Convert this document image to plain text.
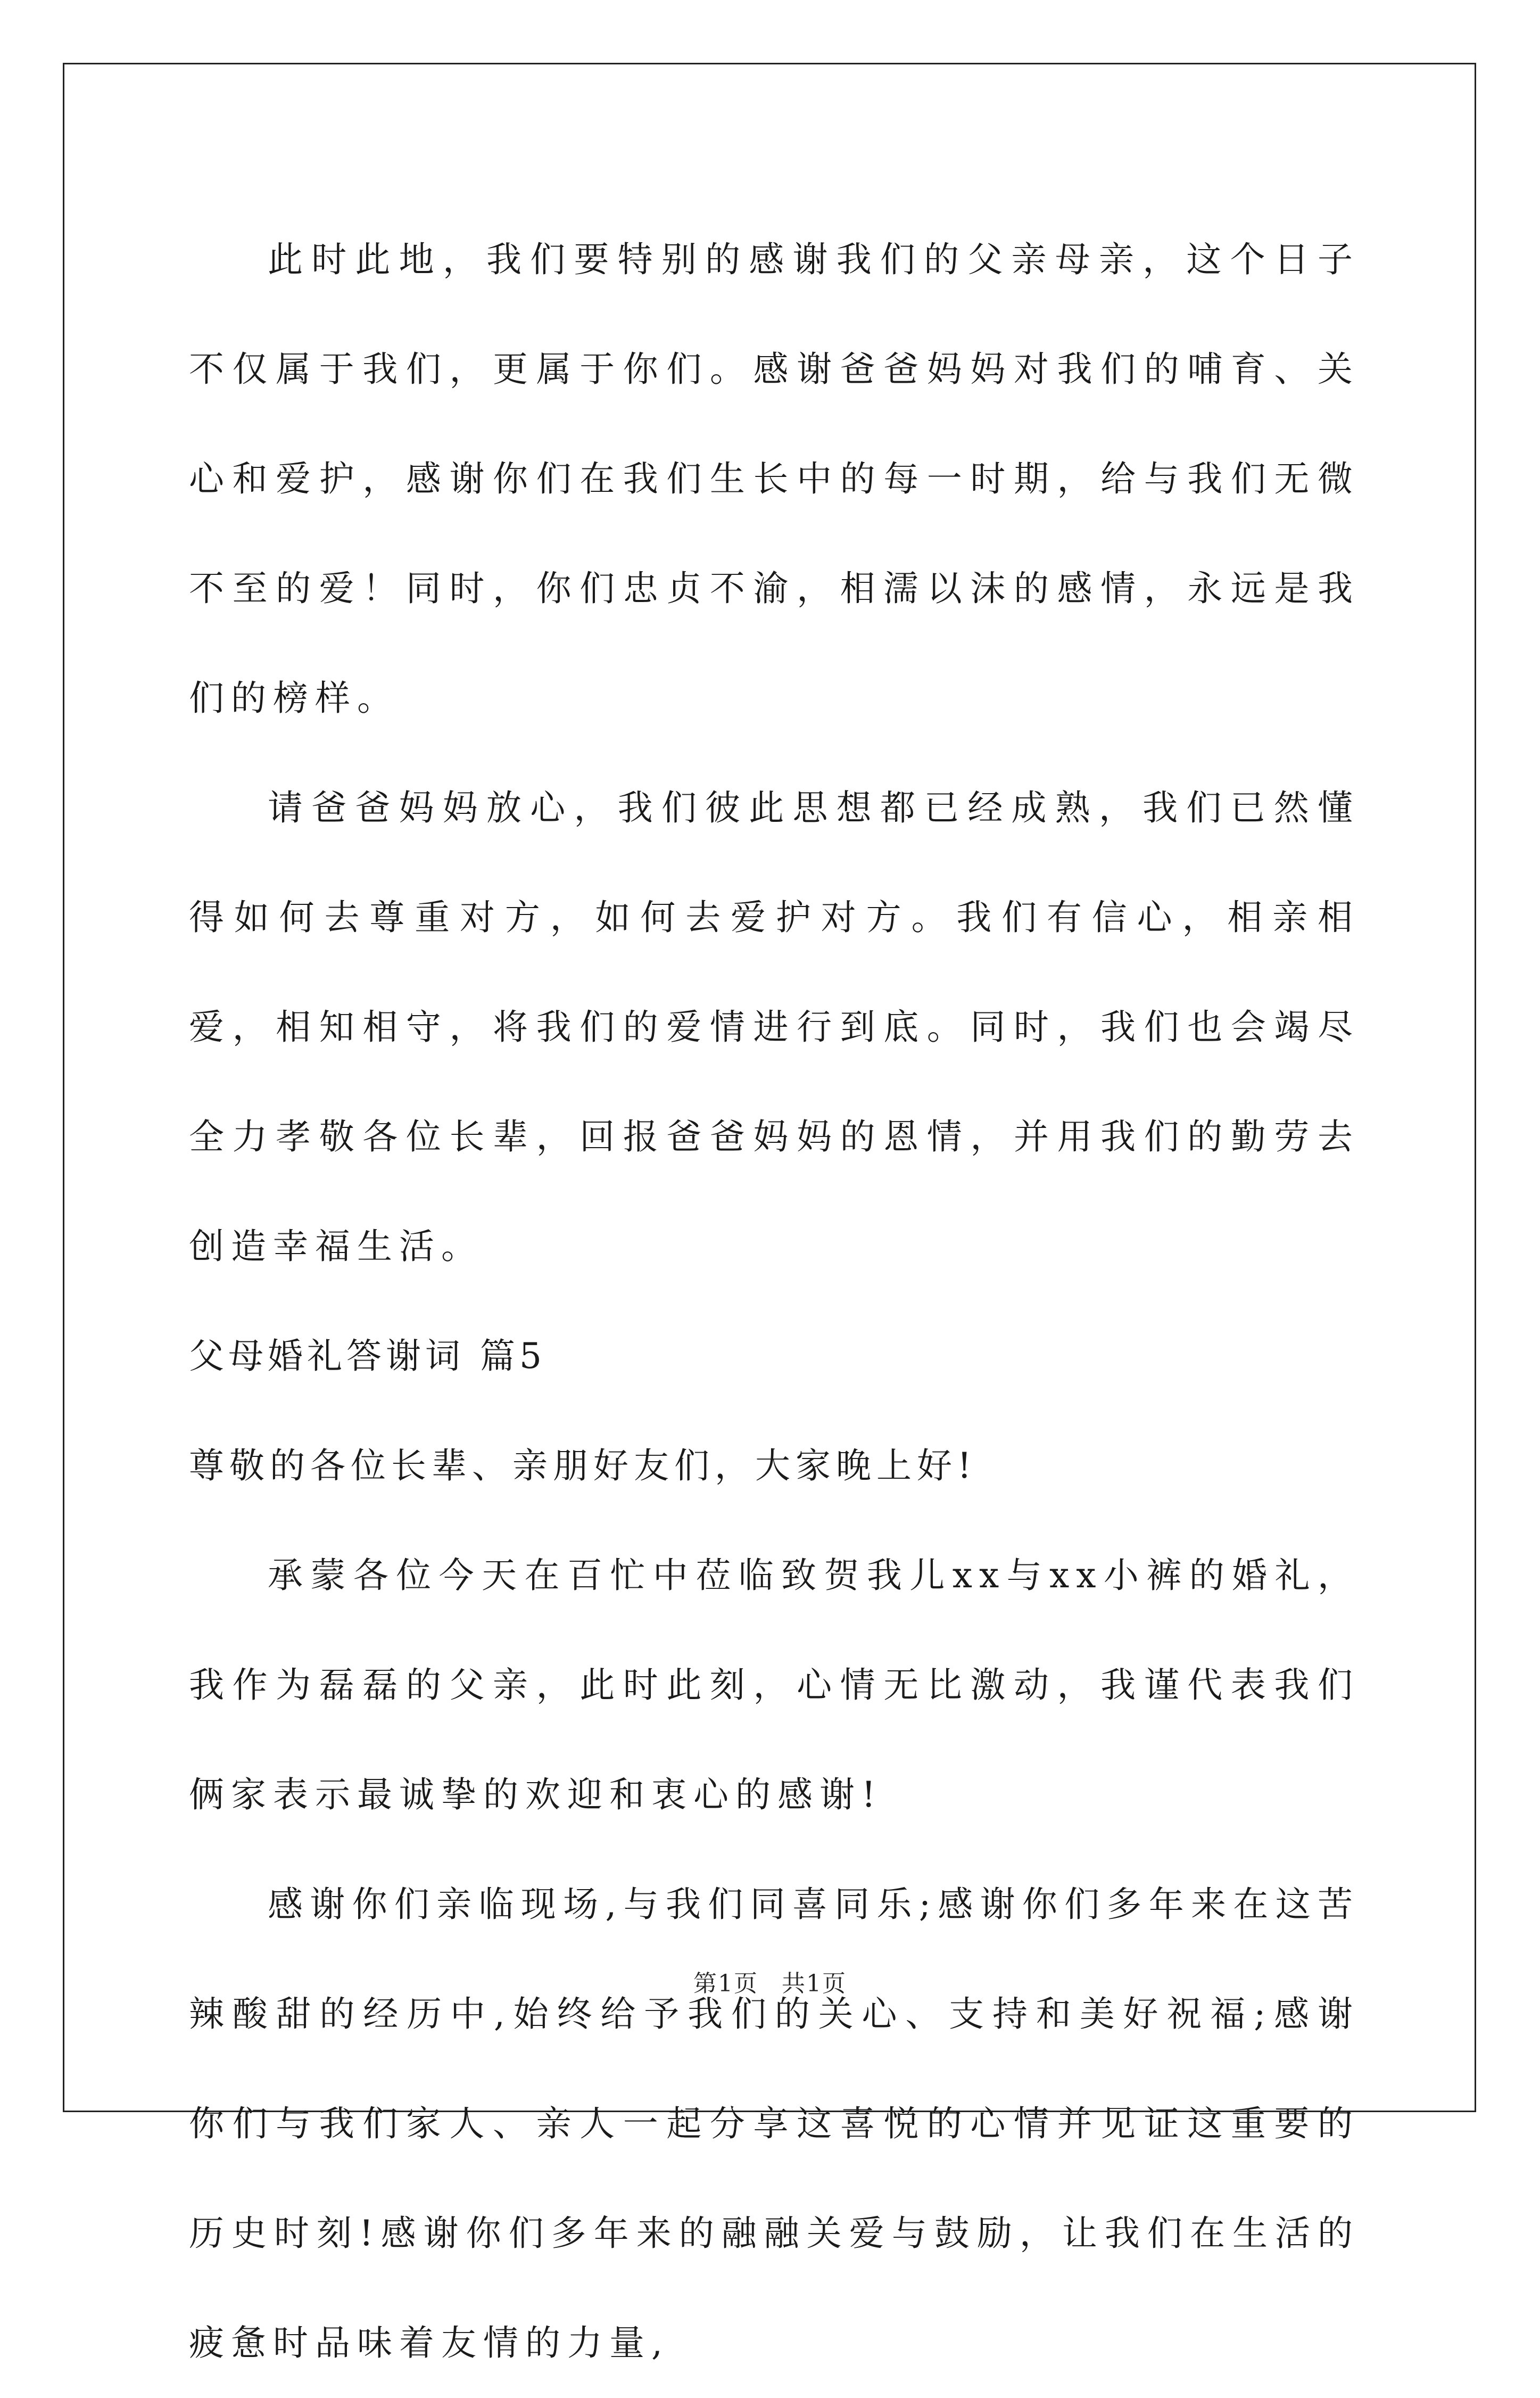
此时此地，我们要特别的感谢我们的父亲母亲，这个日子不仅属于我们，更属于你们。感谢爸爸妈妈对我们的哺育、关心和爱护，感谢你们在我们生长中的每一时期，给与我们无微不至的爱！同时，你们忠贞不渝，相濡以沫的感情，永远是我们的榜样。

请爸爸妈妈放心，我们彼此思想都已经成熟，我们已然懂得如何去尊重对方，如何去爱护对方。我们有信心，相亲相爱，相知相守，将我们的爱情进行到底。同时，我们也会竭尽全力孝敬各位长辈，回报爸爸妈妈的恩情，并用我们的勤劳去创造幸福生活。

父母婚礼答谢词 篇5

尊敬的各位长辈、亲朋好友们，大家晚上好!

承蒙各位今天在百忙中莅临致贺我儿xx与xx小裤的婚礼，我作为磊磊的父亲，此时此刻，心情无比激动，我谨代表我们俩家表示最诚挚的欢迎和衷心的感谢!

感谢你们亲临现场,与我们同喜同乐;感谢你们多年来在这苦辣酸甜的经历中,始终给予我们的关心、支持和美好祝福;感谢你们与我们家人、亲人一起分享这喜悦的心情并见证这重要的历史时刻!感谢你们多年来的融融关爱与鼓励，让我们在生活的疲惫时品味着友情的力量,

第1页 共1页
